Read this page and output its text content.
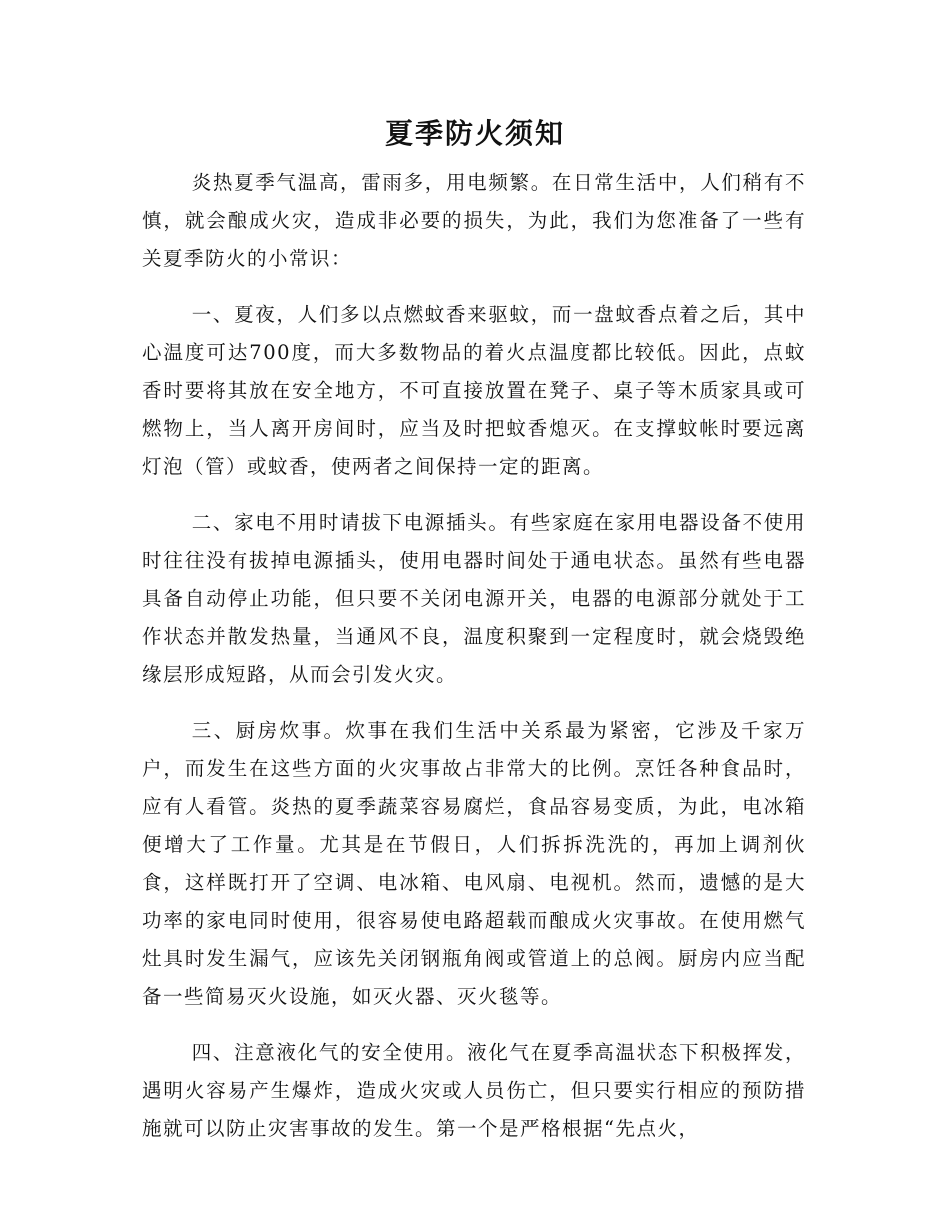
夏季防火须知

炎热夏季气温高，雷雨多，用电频繁。在日常生活中，人们稍有不慎，就会酿成火灾，造成非必要的损失，为此，我们为您准备了一些有关夏季防火的小常识：

一、夏夜，人们多以点燃蚊香来驱蚊，而一盘蚊香点着之后，其中心温度可达700度，而大多数物品的着火点温度都比较低。因此，点蚊香时要将其放在安全地方，不可直接放置在凳子、桌子等木质家具或可燃物上，当人离开房间时，应当及时把蚊香熄灭。在支撑蚊帐时要远离灯泡（管）或蚊香，使两者之间保持一定的距离。

二、家电不用时请拔下电源插头。有些家庭在家用电器设备不使用时往往没有拔掉电源插头，使用电器时间处于通电状态。虽然有些电器具备自动停止功能，但只要不关闭电源开关，电器的电源部分就处于工作状态并散发热量，当通风不良，温度积聚到一定程度时，就会烧毁绝缘层形成短路，从而会引发火灾。

三、厨房炊事。炊事在我们生活中关系最为紧密，它涉及千家万户，而发生在这些方面的火灾事故占非常大的比例。烹饪各种食品时，应有人看管。炎热的夏季蔬菜容易腐烂，食品容易变质，为此，电冰箱便增大了工作量。尤其是在节假日，人们拆拆洗洗的，再加上调剂伙食，这样既打开了空调、电冰箱、电风扇、电视机。然而，遗憾的是大功率的家电同时使用，很容易使电路超载而酿成火灾事故。在使用燃气灶具时发生漏气，应该先关闭钢瓶角阀或管道上的总阀。厨房内应当配备一些简易灭火设施，如灭火器、灭火毯等。

四、注意液化气的安全使用。液化气在夏季高温状态下积极挥发，遇明火容易产生爆炸，造成火灾或人员伤亡，但只要实行相应的预防措施就可以防止灾害事故的发生。第一个是严格根据“先点火，
